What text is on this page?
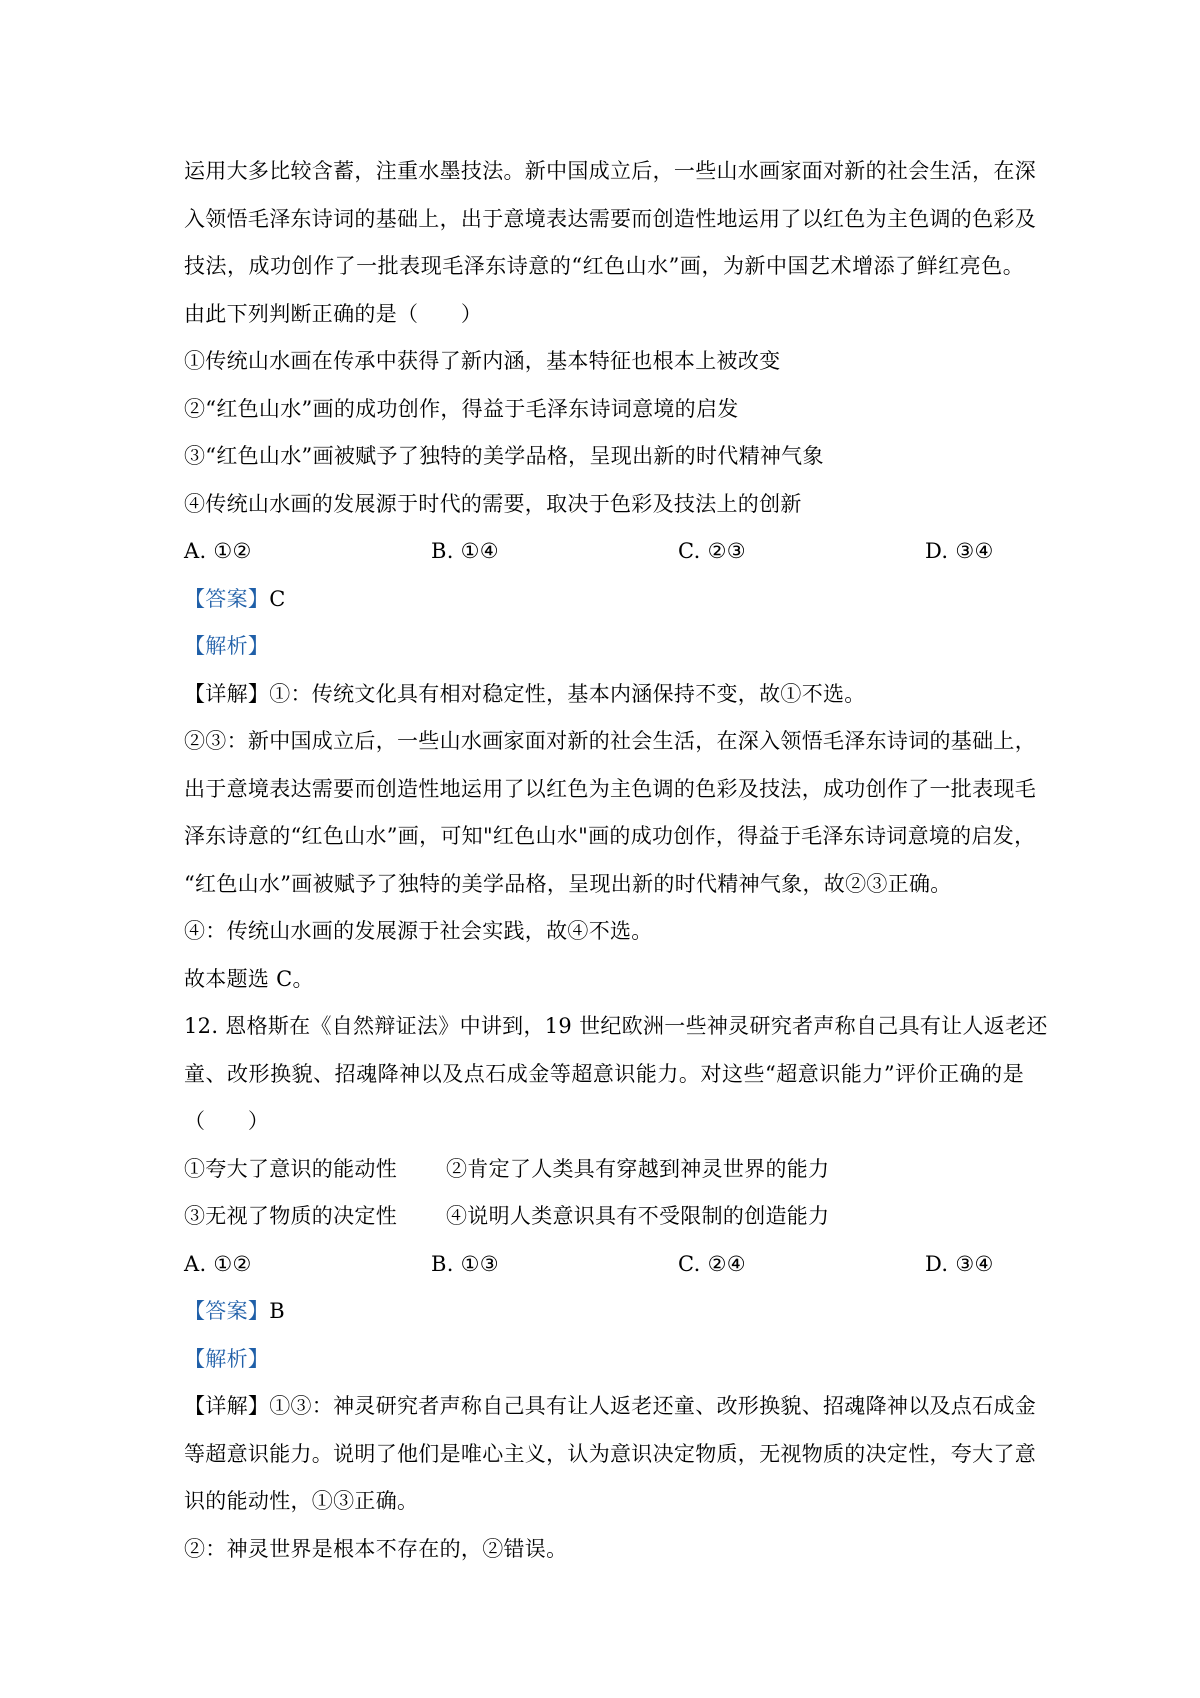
运用大多比较含蓄，注重水墨技法。新中国成立后，一些山水画家面对新的社会生活，在深
入领悟毛泽东诗词的基础上，出于意境表达需要而创造性地运用了以红色为主色调的色彩及
技法，成功创作了一批表现毛泽东诗意的“红色山水”画，为新中国艺术增添了鲜红亮色。
由此下列判断正确的是（　　）
①传统山水画在传承中获得了新内涵，基本特征也根本上被改变
②“红色山水”画的成功创作，得益于毛泽东诗词意境的启发
③“红色山水”画被赋予了独特的美学品格，呈现出新的时代精神气象
④传统山水画的发展源于时代的需要，取决于色彩及技法上的创新
A. ①②	B. ①④	C. ②③	D. ③④
【答案】C
【解析】
【详解】①：传统文化具有相对稳定性，基本内涵保持不变，故①不选。
②③：新中国成立后，一些山水画家面对新的社会生活，在深入领悟毛泽东诗词的基础上，
出于意境表达需要而创造性地运用了以红色为主色调的色彩及技法，成功创作了一批表现毛
泽东诗意的“红色山水”画，可知"红色山水"画的成功创作，得益于毛泽东诗词意境的启发，
“红色山水”画被赋予了独特的美学品格，呈现出新的时代精神气象，故②③正确。
④：传统山水画的发展源于社会实践，故④不选。
故本题选 C。
12. 恩格斯在《自然辩证法》中讲到，19 世纪欧洲一些神灵研究者声称自己具有让人返老还
童、改形换貌、招魂降神以及点石成金等超意识能力。对这些“超意识能力”评价正确的是
（　　）
①夸大了意识的能动性	②肯定了人类具有穿越到神灵世界的能力
③无视了物质的决定性	④说明人类意识具有不受限制的创造能力
A. ①②	B. ①③	C. ②④	D. ③④
【答案】B
【解析】
【详解】①③：神灵研究者声称自己具有让人返老还童、改形换貌、招魂降神以及点石成金
等超意识能力。说明了他们是唯心主义，认为意识决定物质，无视物质的决定性，夸大了意
识的能动性，①③正确。
②：神灵世界是根本不存在的，②错误。
